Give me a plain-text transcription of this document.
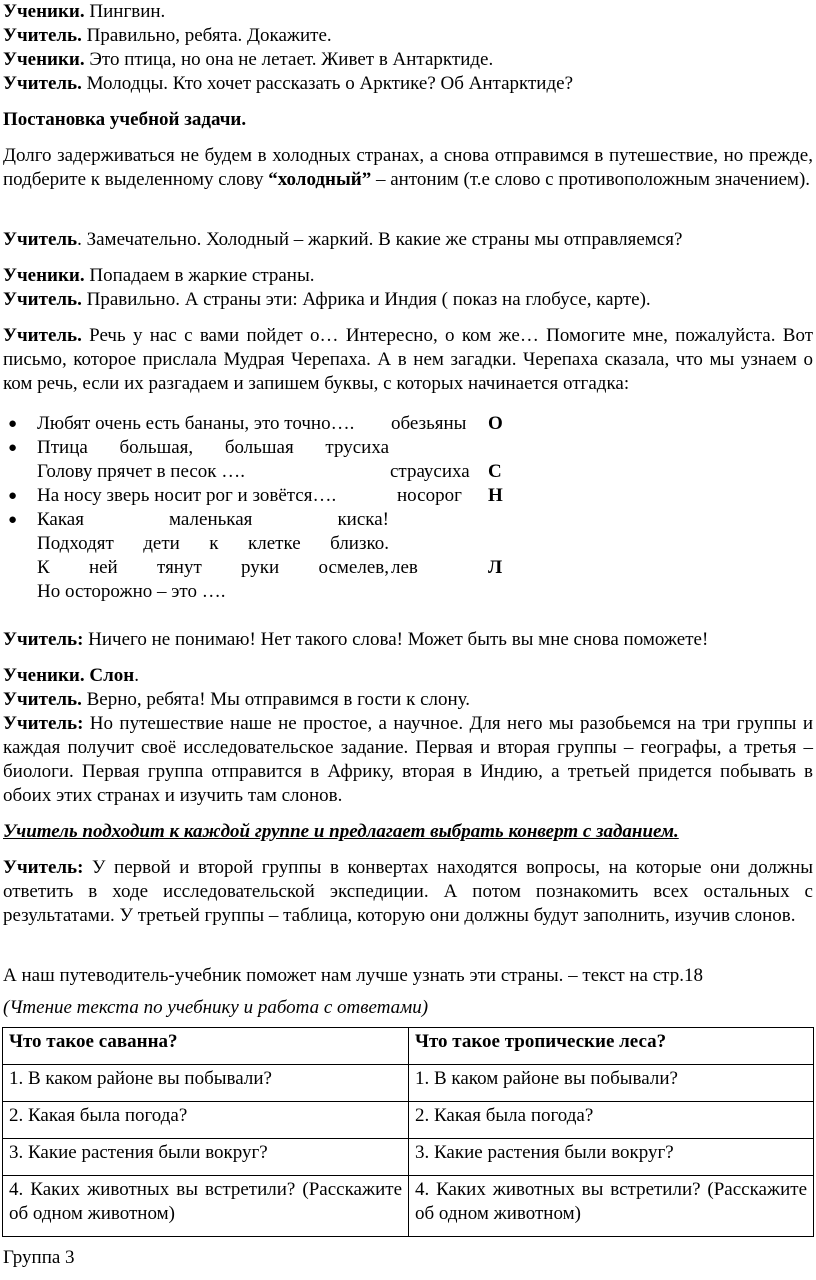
Ученики. Пингвин.

Учитель. Правильно, ребята. Докажите.

Ученики. Это птица, но она не летает. Живет в Антарктиде.

Учитель. Молодцы. Кто хочет рассказать о Арктике? Об Антарктиде?

Постановка учебной задачи.

Долго задерживаться не будем в холодных странах, а снова отправимся в путешествие, но прежде, подберите к выделенному слову “холодный” – антоним (т.е слово с противоположным значением).

Учитель. Замечательно. Холодный – жаркий. В какие же страны мы отправляемся?

Ученики. Попадаем в жаркие страны.

Учитель. Правильно. А страны эти: Африка и Индия ( показ на глобусе, карте).

Учитель. Речь у нас с вами пойдет о… Интересно, о ком же… Помогите мне, пожалуйста. Вот письмо, которое прислала Мудрая Черепаха. А в нем загадки. Черепаха сказала, что мы узнаем о ком речь, если их разгадаем и запишем буквы, с которых начинается отгадка:

● Любят очень есть бананы, это точно…. обезьяны О
● Птица большая, большая трусиха
Голову прячет в песок ….	страусиха С
● На носу зверь носит рог и зовётся….	носорог Н
● Какая маленькая киска!
Подходят дети к клетке близко.
К ней тянут руки осмелев, лев	Л
Но осторожно – это ….

Учитель: Ничего не понимаю! Нет такого слова! Может быть вы мне снова поможете!

Ученики. Слон.

Учитель. Верно, ребята! Мы отправимся в гости к слону.

Учитель: Но путешествие наше не простое, а научное. Для него мы разобьемся на три группы и каждая получит своё исследовательское задание. Первая и вторая группы – географы, а третья – биологи. Первая группа отправится в Африку, вторая в Индию, а третьей придется побывать в обоих этих странах и изучить там слонов.

Учитель подходит к каждой группе и предлагает выбрать конверт с заданием.

Учитель: У первой и второй группы в конвертах находятся вопросы, на которые они должны ответить в ходе исследовательской экспедиции. А потом познакомить всех остальных с результатами. У третьей группы – таблица, которую они должны будут заполнить, изучив слонов.

А наш путеводитель-учебник поможет нам лучше узнать эти страны. – текст на стр.18

(Чтение текста по учебнику и работа с ответами)

Что такое саванна?	Что такое тропические леса?
1. В каком районе вы побывали?	1. В каком районе вы побывали?
2. Какая была погода?	2. Какая была погода?
3. Какие растения были вокруг?	3. Какие растения были вокруг?
4. Каких животных вы встретили? (Расскажите об одном животном)	4. Каких животных вы встретили? (Расскажите об одном животном)

Группа 3
